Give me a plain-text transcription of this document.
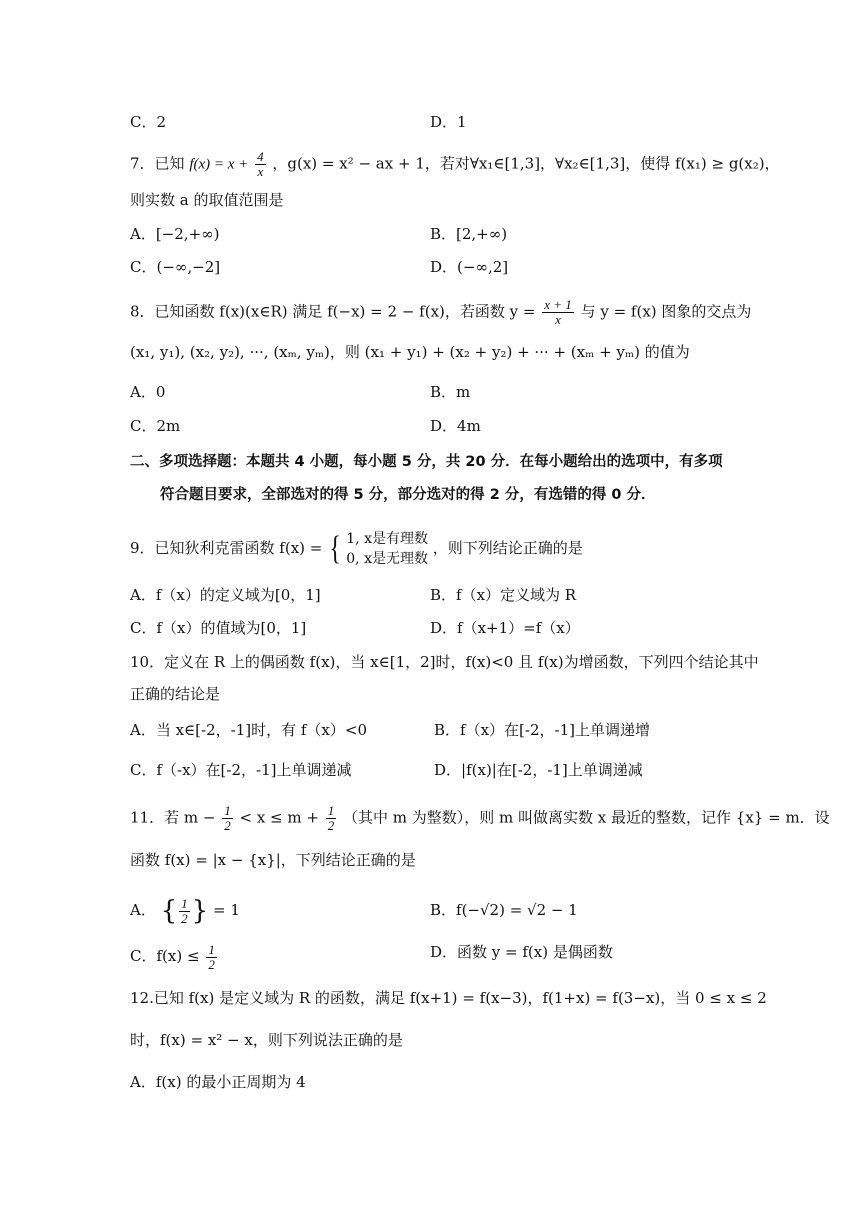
C．2	D．1
7．已知 $f(x) = x + \frac{4}{x}$ ，g(x) = x² − ax + 1，若对∀x₁∈[1,3]，∀x₂∈[1,3]，使得 f(x₁) ≥ g(x₂)，
则实数 a 的取值范围是
A．[−2,+∞)	B．[2,+∞)
C．(−∞,−2]	D．(−∞,2]
8．已知函数 f(x)(x∈R) 满足 f(−x) = 2 − f(x)，若函数 $y = \frac{x + 1}{x}$ 与 y = f(x) 图象的交点为
(x₁, y₁), (x₂, y₂), ···, (xₘ, yₘ)，则 (x₁ + y₁) + (x₂ + y₂) + ··· + (xₘ + yₘ) 的值为
A．0	B．m
C．2m	D．4m
二、多项选择题：本题共 4 小题，每小题 5 分，共 20 分．在每小题给出的选项中，有多项
符合题目要求，全部选对的得 5 分，部分选对的得 2 分，有选错的得 0 分．
9．已知狄利克雷函数 f(x) = { 1, x是有理数
0, x是无理数
，则下列结论正确的是
A．f（x）的定义域为[0，1]	B．f（x）定义域为 R
C．f（x）的值域为[0，1]	D．f（x+1）=f（x）
10．定义在 R 上的偶函数 f(x)，当 x∈[1，2]时，f(x)<0 且 f(x)为增函数，下列四个结论其中
正确的结论是
A．当 x∈[-2，-1]时，有 f（x）<0	B．f（x）在[-2，-1]上单调递增
C．f（-x）在[-2，-1]上单调递减	D．|f(x)|在[-2，-1]上单调递减
11．若 $m - \frac{1}{2} < x \le m + \frac{1}{2}$ （其中 m 为整数），则 m 叫做离实数 x 最近的整数，记作 {x} = m．设
函数 f(x) = |x − {x}|，下列结论正确的是
A． { $\frac{1}{2}$ } = 1	B．f(−√2) = √2 − 1
C．$f(x) \le \frac{1}{2}$	D．函数 y = f(x) 是偶函数
12.已知 f(x) 是定义域为 R 的函数，满足 f(x+1) = f(x−3)，f(1+x) = f(3−x)，当 0 ≤ x ≤ 2
时，f(x) = x² − x，则下列说法正确的是
A．f(x) 的最小正周期为 4
